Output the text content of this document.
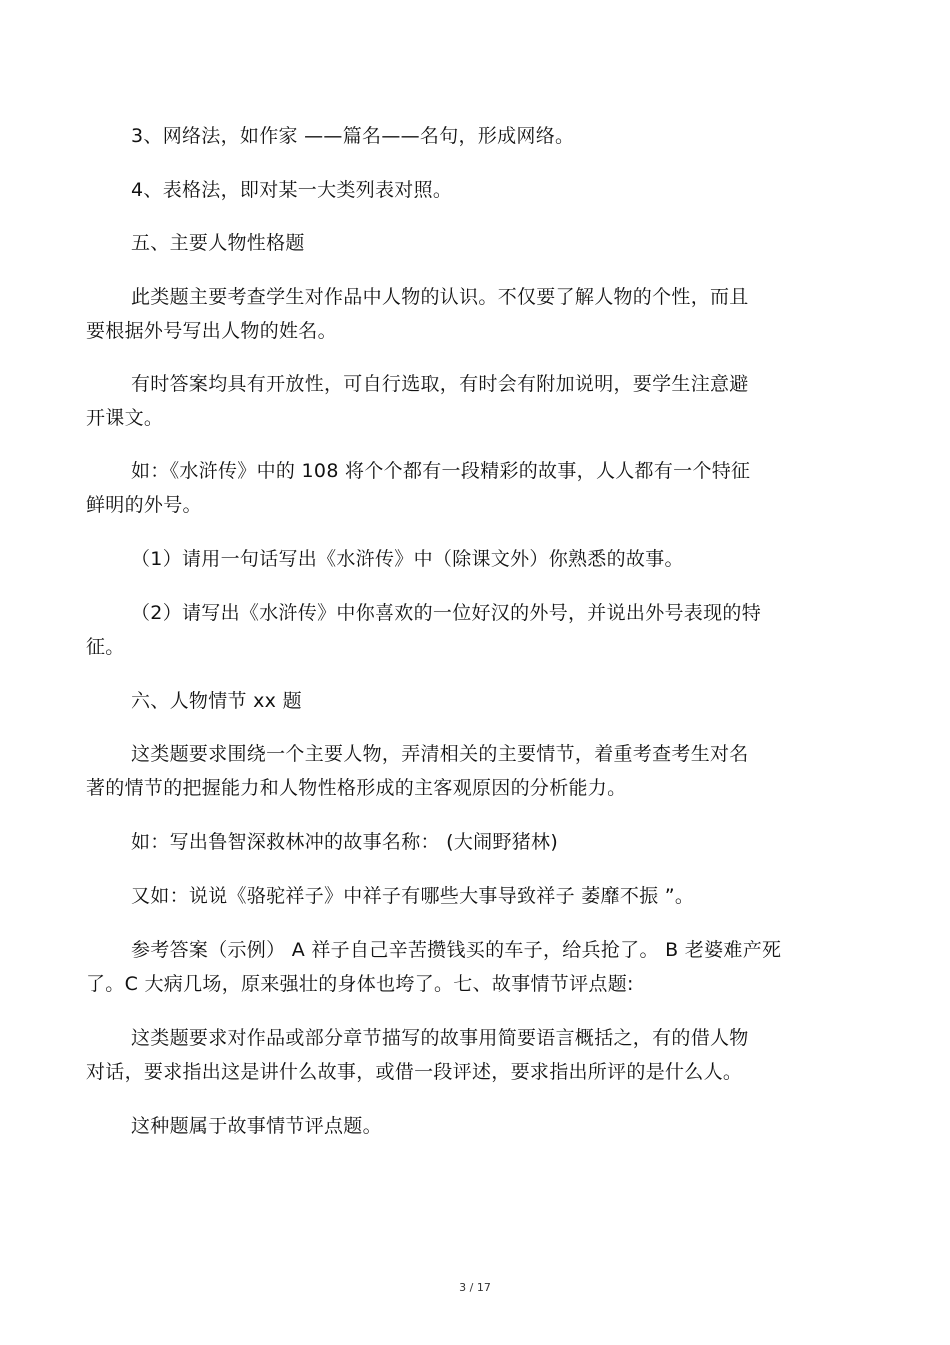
3、网络法，如作家 ——篇名——名句，形成网络。
4、表格法，即对某一大类列表对照。
五、主要人物性格题
此类题主要考查学生对作品中人物的认识。不仅要了解人物的个性，而且
要根据外号写出人物的姓名。
有时答案均具有开放性，可自行选取，有时会有附加说明，要学生注意避
开课文。
如：《水浒传》中的 108 将个个都有一段精彩的故事，人人都有一个特征
鲜明的外号。
（1）请用一句话写出《水浒传》中（除课文外）你熟悉的故事。
（2）请写出《水浒传》中你喜欢的一位好汉的外号，并说出外号表现的特
征。
六、人物情节 xx 题
这类题要求围绕一个主要人物，弄清相关的主要情节，着重考查考生对名
著的情节的把握能力和人物性格形成的主客观原因的分析能力。
如：写出鲁智深救林冲的故事名称： (大闹野猪林)
又如：说说《骆驼祥子》中祥子有哪些大事导致祥子 萎靡不振 ”。
参考答案（示例） A 祥子自己辛苦攒钱买的车子，给兵抢了。 B 老婆难产死
了。C 大病几场，原来强壮的身体也垮了。七、故事情节评点题:
这类题要求对作品或部分章节描写的故事用简要语言概括之，有的借人物
对话，要求指出这是讲什么故事，或借一段评述，要求指出所评的是什么人。
这种题属于故事情节评点题。
3 / 17
